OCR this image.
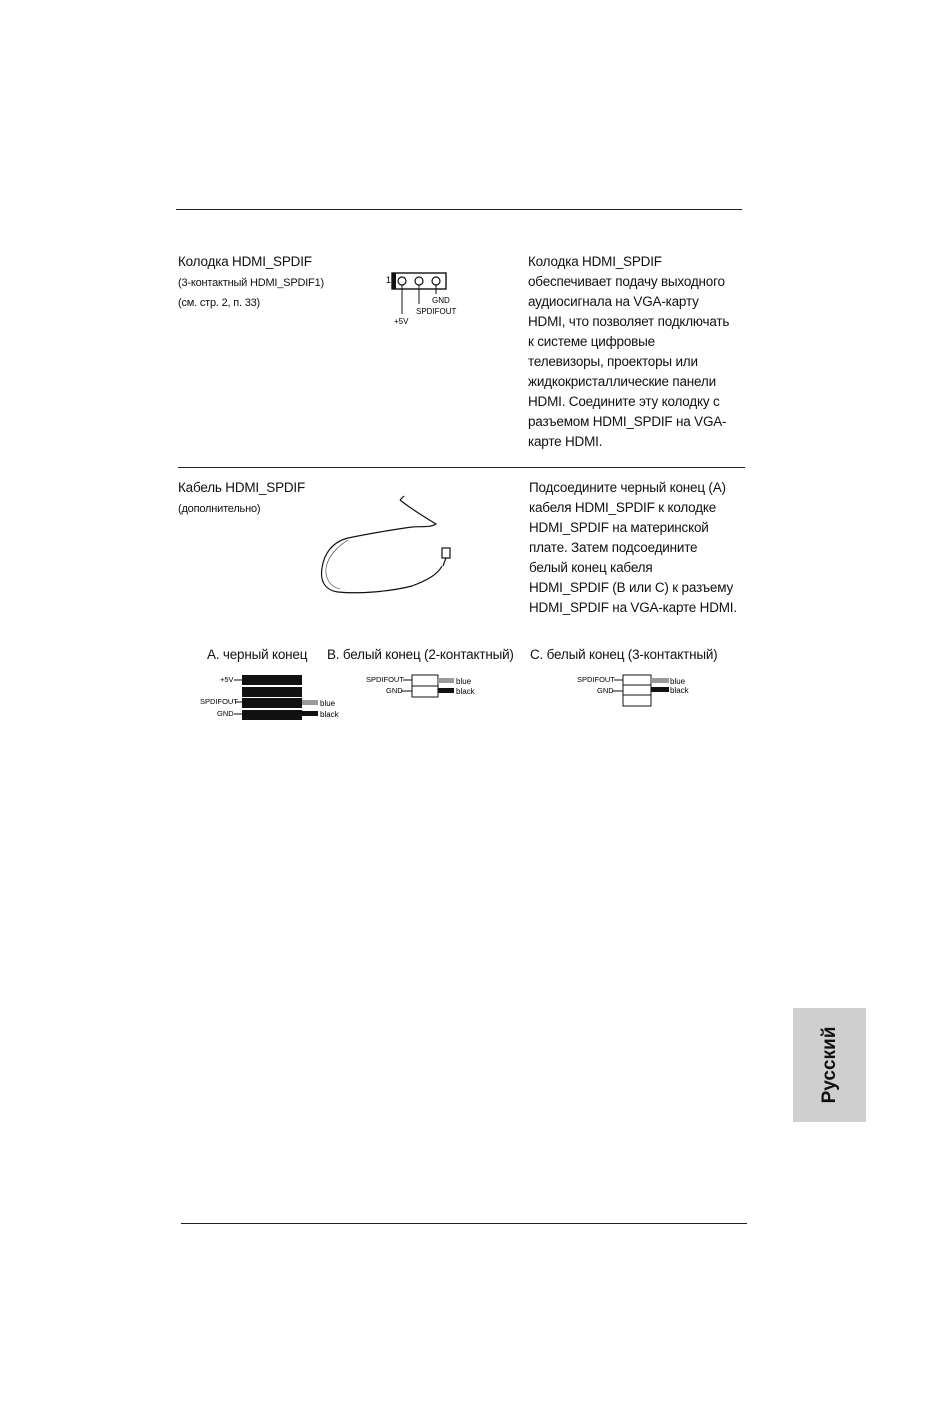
Колодка HDMI_SPDIF
(3-контактный HDMI_SPDIF1)
(см. стр. 2, п. 33)
1
GND
SPDIFOUT
+5V

Колодка HDMI_SPDIF

обеспечивает подачу выходного

аудиосигнала на VGA-карту

HDMI, что позволяет подключать

к системе цифровые

телевизоры, проекторы или

жидкокристаллические панели

HDMI. Соедините эту колодку с

разъемом HDMI_SPDIF на VGA-

карте HDMI.

Кабель HDMI_SPDIF
(дополнительно)

Подсоедините черный конец (A)

кабеля HDMI_SPDIF к колодке

HDMI_SPDIF на материнской

плате. Затем подсоедините

белый конец кабеля

HDMI_SPDIF (B или C) к разъему

HDMI_SPDIF на VGA-карте HDMI.

A. черный конец B. белый конец (2-контактный) C. белый конец (3-контактный)
+5V
SPDIFOUT	blue
GND	black
SPDIFOUT
GND
blue
black
SPDIFOUT
GND
blue
black
Русский
